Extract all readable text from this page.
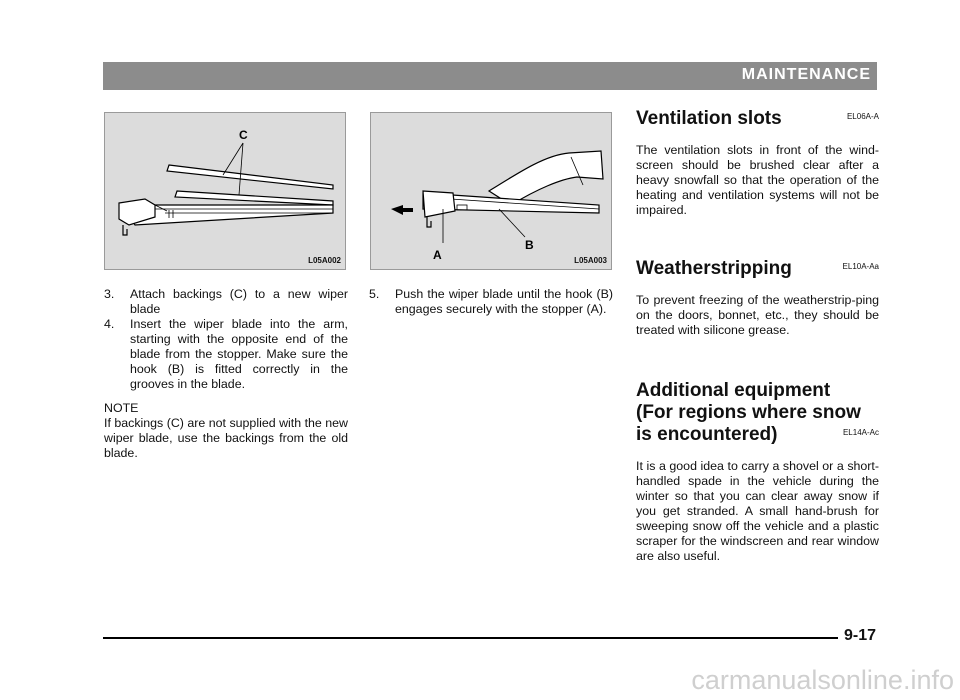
MAINTENANCE
C
L05A002	A
B
L05A003

3. Attach backings (C) to a new wiper blade

4. Insert the wiper blade into the arm, starting with the opposite end of the blade from the stopper. Make sure the hook (B) is fitted correctly in the grooves in the blade.

NOTE

If backings (C) are not supplied with the new wiper blade, use the backings from the old blade.

5. Push the wiper blade until the hook (B) engages securely with the stopper (A).

Ventilation slots	EL06A-A

The ventilation slots in front of the wind-screen should be brushed clear after a heavy snowfall so that the operation of the heating and ventilation systems will not be impaired.

Weatherstripping	EL10A-Aa

To prevent freezing of the weatherstrip-ping on the doors, bonnet, etc., they should be treated with silicone grease.

Additional equipment
(For regions where snow
is encountered)	EL14A-Ac

It is a good idea to carry a shovel or a short-handled spade in the vehicle during the winter so that you can clear away snow if you get stranded. A small hand-brush for sweeping snow off the vehicle and a plastic scraper for the windscreen and rear window are also useful.

9-17
carmanualsonline.info
